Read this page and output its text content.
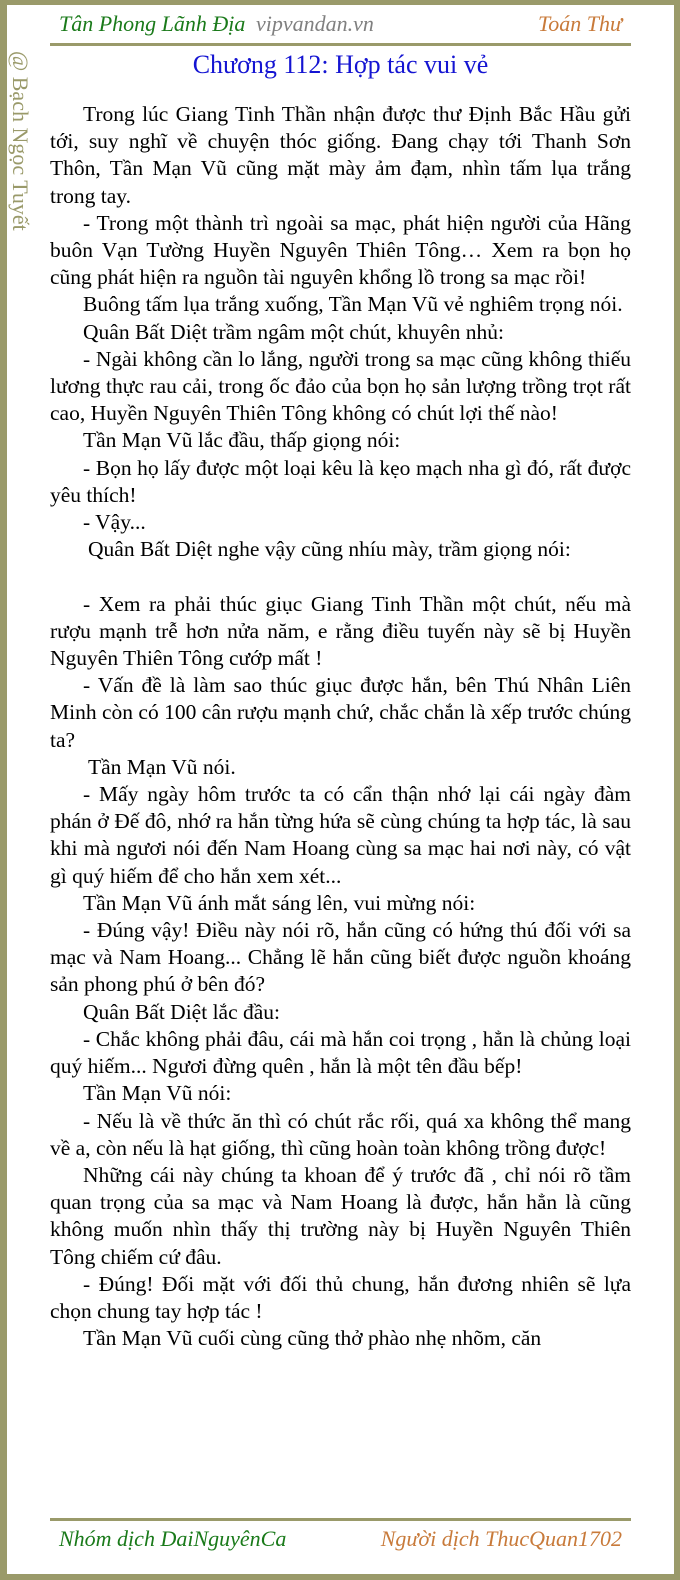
Tân Phong Lãnh Địa vipvandan.vn	Toán Thư
@ Bạch Ngọc Tuyết	Chương 112: Hợp tác vui vẻ

Trong lúc Giang Tinh Thần nhận được thư Định Bắc Hầu gửi tới, suy nghĩ về chuyện thóc giống. Đang chạy tới Thanh Sơn Thôn, Tần Mạn Vũ cũng mặt mày ảm đạm, nhìn tấm lụa trắng trong tay.

- Trong một thành trì ngoài sa mạc, phát hiện người của Hãng buôn Vạn Tường Huyền Nguyên Thiên Tông… Xem ra bọn họ cũng phát hiện ra nguồn tài nguyên khổng lồ trong sa mạc rồi!

Buông tấm lụa trắng xuống, Tần Mạn Vũ vẻ nghiêm trọng nói.

Quân Bất Diệt trầm ngâm một chút, khuyên nhủ:

- Ngài không cần lo lắng, người trong sa mạc cũng không thiếu lương thực rau cải, trong ốc đảo của bọn họ sản lượng trồng trọt rất cao, Huyền Nguyên Thiên Tông không có chút lợi thế nào!

Tần Mạn Vũ lắc đầu, thấp giọng nói:

- Bọn họ lấy được một loại kêu là kẹo mạch nha gì đó, rất được yêu thích!

- Vậy...

Quân Bất Diệt nghe vậy cũng nhíu mày, trầm giọng nói:

- Xem ra phải thúc giục Giang Tinh Thần một chút, nếu mà rượu mạnh trễ hơn nửa năm, e rằng điều tuyến này sẽ bị Huyền Nguyên Thiên Tông cướp mất !

- Vấn đề là làm sao thúc giục được hắn, bên Thú Nhân Liên Minh còn có 100 cân rượu mạnh chứ, chắc chắn là xếp trước chúng ta?

Tần Mạn Vũ nói.

- Mấy ngày hôm trước ta có cẩn thận nhớ lại cái ngày đàm phán ở Đế đô, nhớ ra hắn từng hứa sẽ cùng chúng ta hợp tác, là sau khi mà ngươi nói đến Nam Hoang cùng sa mạc hai nơi này, có vật gì quý hiếm để cho hắn xem xét...

Tần Mạn Vũ ánh mắt sáng lên, vui mừng nói:

- Đúng vậy! Điều này nói rõ, hắn cũng có hứng thú đối với sa mạc và Nam Hoang... Chẳng lẽ hắn cũng biết được nguồn khoáng sản phong phú ở bên đó?

Quân Bất Diệt lắc đầu:

- Chắc không phải đâu, cái mà hắn coi trọng , hẳn là chủng loại quý hiếm... Ngươi đừng quên , hắn là một tên đầu bếp!

Tần Mạn Vũ nói:

- Nếu là về thức ăn thì có chút rắc rối, quá xa không thể mang về a, còn nếu là hạt giống, thì cũng hoàn toàn không trồng được!

Những cái này chúng ta khoan để ý trước đã , chỉ nói rõ tầm quan trọng của sa mạc và Nam Hoang là được, hắn hẳn là cũng không muốn nhìn thấy thị trường này bị Huyền Nguyên Thiên Tông chiếm cứ đâu.

- Đúng! Đối mặt với đối thủ chung, hắn đương nhiên sẽ lựa chọn chung tay hợp tác !

Tần Mạn Vũ cuối cùng cũng thở phào nhẹ nhõm, căn

Nhóm dịch DaiNguyênCa	Người dịch ThucQuan1702
